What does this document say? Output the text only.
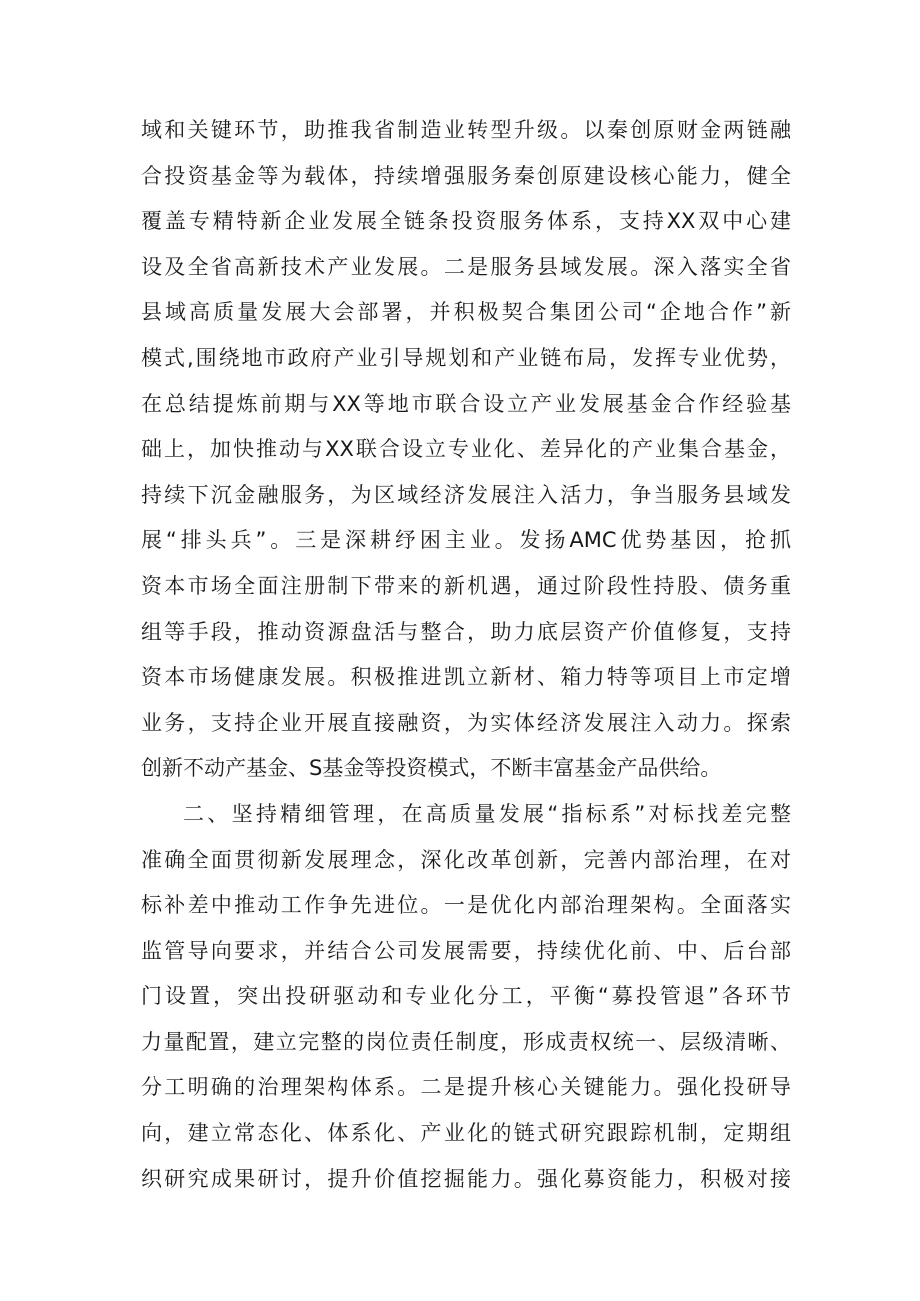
域和关键环节，助推我省制造业转型升级。以秦创原财金两链融
合投资基金等为载体，持续增强服务秦创原建设核心能力，健全
覆盖专精特新企业发展全链条投资服务体系，支持XX双中心建
设及全省高新技术产业发展。二是服务县域发展。深入落实全省
县域高质量发展大会部署，并积极契合集团公司“企地合作”新
模式,围绕地市政府产业引导规划和产业链布局，发挥专业优势，
在总结提炼前期与XX等地市联合设立产业发展基金合作经验基
础上，加快推动与XX联合设立专业化、差异化的产业集合基金，
持续下沉金融服务，为区域经济发展注入活力，争当服务县域发
展“排头兵”。三是深耕纾困主业。发扬AMC优势基因，抢抓
资本市场全面注册制下带来的新机遇，通过阶段性持股、债务重
组等手段，推动资源盘活与整合，助力底层资产价值修复，支持
资本市场健康发展。积极推进凯立新材、箱力特等项目上市定增
业务，支持企业开展直接融资，为实体经济发展注入动力。探索
创新不动产基金、S基金等投资模式，不断丰富基金产品供给。
二、坚持精细管理，在高质量发展“指标系”对标找差完整
准确全面贯彻新发展理念，深化改革创新，完善内部治理，在对
标补差中推动工作争先进位。一是优化内部治理架构。全面落实
监管导向要求，并结合公司发展需要，持续优化前、中、后台部
门设置，突出投研驱动和专业化分工，平衡“募投管退”各环节
力量配置，建立完整的岗位责任制度，形成责权统一、层级清晰、
分工明确的治理架构体系。二是提升核心关键能力。强化投研导
向，建立常态化、体系化、产业化的链式研究跟踪机制，定期组
织研究成果研讨，提升价值挖掘能力。强化募资能力，积极对接
